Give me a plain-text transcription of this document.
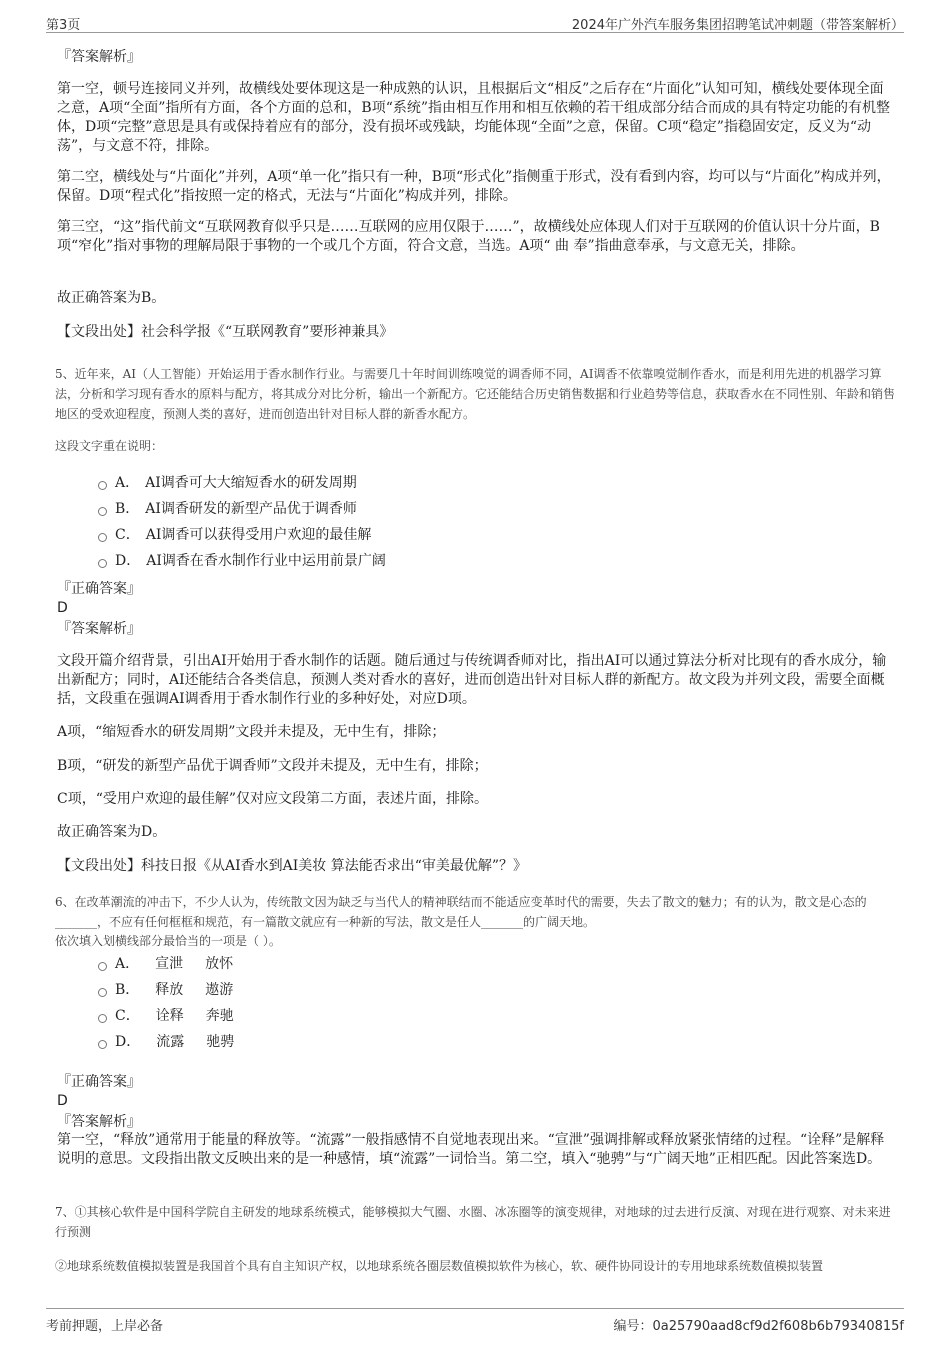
第3页	2024年广外汽车服务集团招聘笔试冲刺题（带答案解析）
『答案解析』
第一空，顿号连接同义并列，故横线处要体现这是一种成熟的认识，且根据后文“相反”之后存在“片面化”认知可知，横线处要体现全面之意，A项“全面”指所有方面，各个方面的总和，B项“系统”指由相互作用和相互依赖的若干组成部分结合而成的具有特定功能的有机整体，D项“完整”意思是具有或保持着应有的部分，没有损坏或残缺，均能体现“全面”之意，保留。C项“稳定”指稳固安定，反义为“动荡”，与文意不符，排除。
第二空，横线处与“片面化”并列，A项“单一化”指只有一种，B项“形式化”指侧重于形式，没有看到内容，均可以与“片面化”构成并列，保留。D项“程式化”指按照一定的格式，无法与“片面化”构成并列，排除。
第三空，“这”指代前文“互联网教育似乎只是……互联网的应用仅限于……”，故横线处应体现人们对于互联网的价值认识十分片面，B项“窄化”指对事物的理解局限于事物的一个或几个方面，符合文意，当选。A项“ 曲 奉”指曲意奉承，与文意无关，排除。
故正确答案为B。
【文段出处】社会科学报《“互联网教育”要形神兼具》
5、近年来，AI（人工智能）开始运用于香水制作行业。与需要几十年时间训练嗅觉的调香师不同，AI调香不依靠嗅觉制作香水，而是利用先进的机器学习算法，分析和学习现有香水的原料与配方，将其成分对比分析，输出一个新配方。它还能结合历史销售数据和行业趋势等信息，获取香水在不同性别、年龄和销售地区的受欢迎程度，预测人类的喜好，进而创造出针对目标人群的新香水配方。
这段文字重在说明：
A． AI调香可大大缩短香水的研发周期
B． AI调香研发的新型产品优于调香师
C． AI调香可以获得受用户欢迎的最佳解
D． AI调香在香水制作行业中运用前景广阔
『正确答案』
D
『答案解析』
文段开篇介绍背景，引出AI开始用于香水制作的话题。随后通过与传统调香师对比，指出AI可以通过算法分析对比现有的香水成分，输出新配方；同时，AI还能结合各类信息，预测人类对香水的喜好，进而创造出针对目标人群的新配方。故文段为并列文段，需要全面概括，文段重在强调AI调香用于香水制作行业的多种好处，对应D项。
A项，“缩短香水的研发周期”文段并未提及，无中生有，排除；
B项，“研发的新型产品优于调香师”文段并未提及，无中生有，排除；
C项，“受用户欢迎的最佳解”仅对应文段第二方面，表述片面，排除。
故正确答案为D。
【文段出处】科技日报《从AI香水到AI美妆 算法能否求出“审美最优解”？》
6、在改革潮流的冲击下，不少人认为，传统散文因为缺乏与当代人的精神联结而不能适应变革时代的需要，失去了散文的魅力；有的认为，散文是心态的_______，不应有任何框框和规范，有一篇散文就应有一种新的写法，散文是任人_______的广阔天地。
依次填入划横线部分最恰当的一项是（ ）。
A． 宣泄 放怀
B． 释放 遨游
C． 诠释 奔驰
D． 流露 驰骋
『正确答案』
D
『答案解析』
第一空，“释放”通常用于能量的释放等。“流露”一般指感情不自觉地表现出来。“宣泄”强调排解或释放紧张情绪的过程。“诠释”是解释说明的意思。文段指出散文反映出来的是一种感情，填“流露”一词恰当。第二空，填入“驰骋”与“广阔天地”正相匹配。因此答案选D。
7、①其核心软件是中国科学院自主研发的地球系统模式，能够模拟大气圈、水圈、冰冻圈等的演变规律，对地球的过去进行反演、对现在进行观察、对未来进行预测
②地球系统数值模拟装置是我国首个具有自主知识产权，以地球系统各圈层数值模拟软件为核心，软、硬件协同设计的专用地球系统数值模拟装置
考前押题，上岸必备	编号：0a25790aad8cf9d2f608b6b79340815f
